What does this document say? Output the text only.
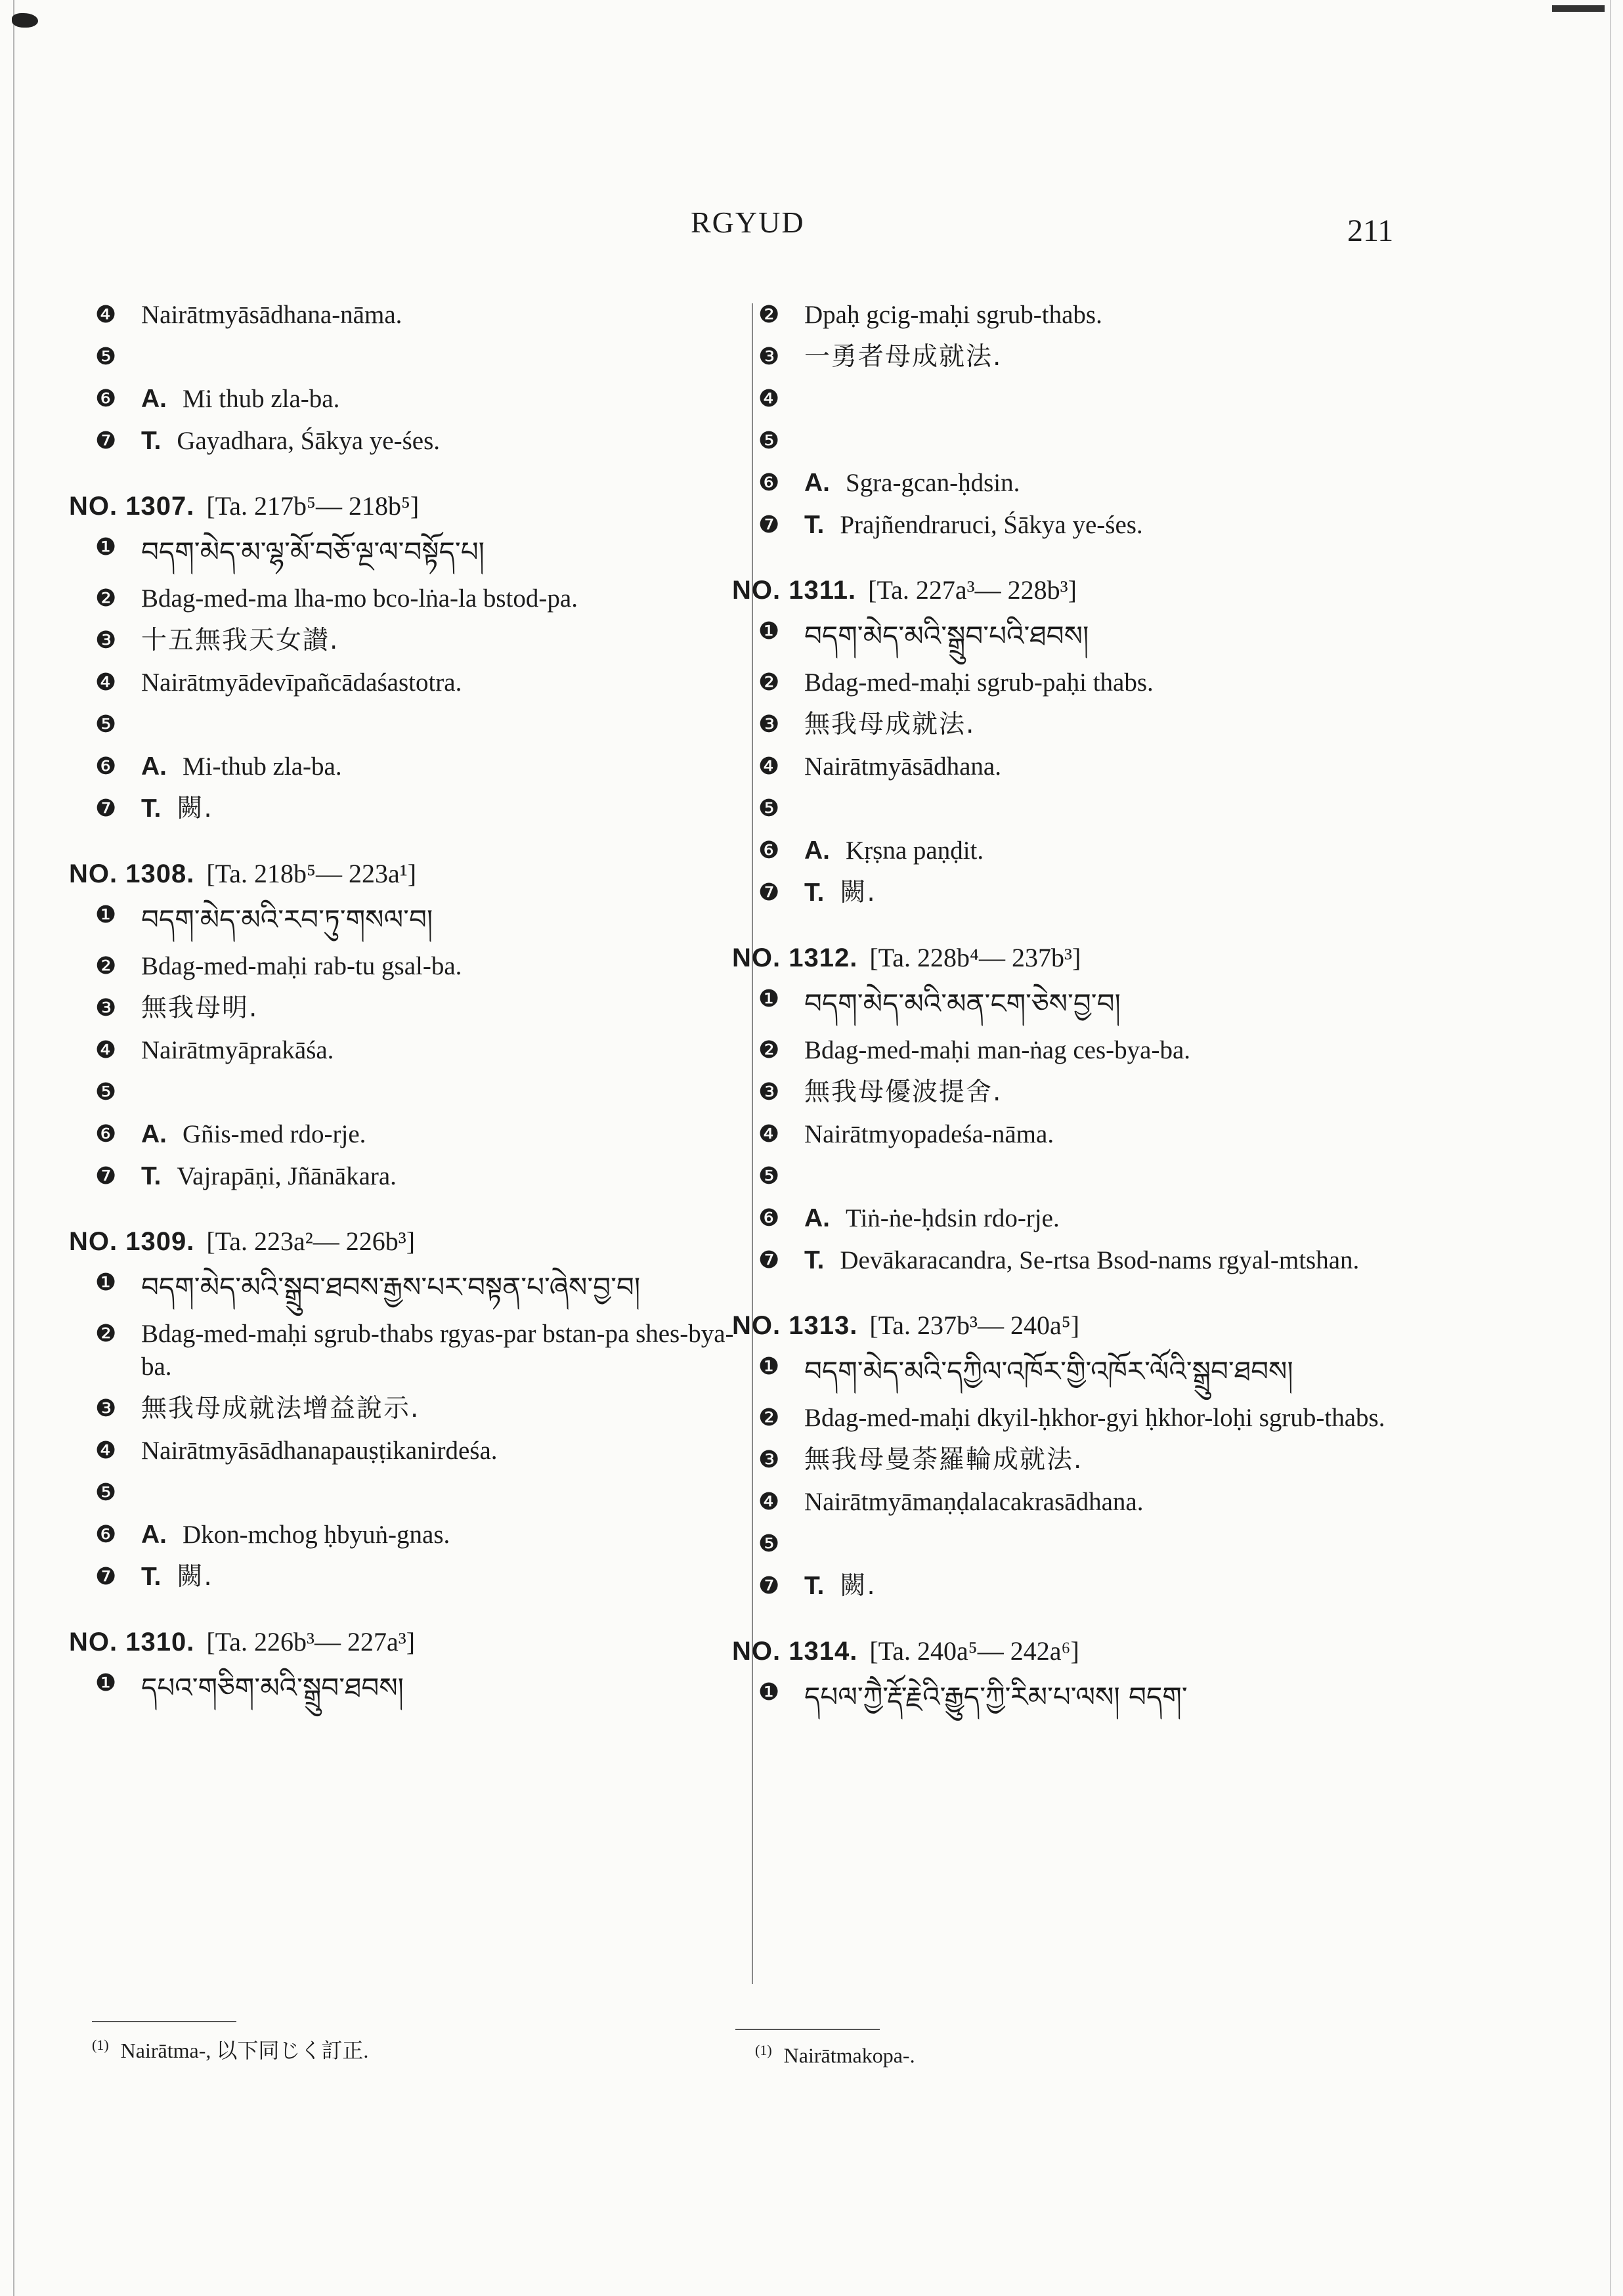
RGYUD	211
❹ Nairātmyāsādhana-nāma.
❺
❻ A. Mi thub zla-ba.
❼ T. Gayadhara, Śākya ye-śes.
NO. 1307. [Ta. 217b⁵— 218b⁵]
❶ བདག་མེད་མ་ལྷ་མོ་བཅོ་ལྔ་ལ་བསྟོད་པ།
❷ Bdag-med-ma lha-mo bco-lṅa-la bstod-pa.
❸ 十五無我天女讃.
❹ Nairātmyādevīpañcādaśastotra.
❺
❻ A. Mi-thub zla-ba.
❼ T. 闕.
NO. 1308. [Ta. 218b⁵— 223a¹]
❶ བདག་མེད་མའི་རབ་ཏུ་གསལ་བ།
❷ Bdag-med-maḥi rab-tu gsal-ba.
❸ 無我母明.
❹ Nairātmyāprakāśa.
❺
❻ A. Gñis-med rdo-rje.
❼ T. Vajrapāṇi, Jñānākara.
NO. 1309. [Ta. 223a²— 226b³]
❶ བདག་མེད་མའི་སྒྲུབ་ཐབས་རྒྱས་པར་བསྟན་པ་ཞེས་བྱ་བ།
❷ Bdag-med-maḥi sgrub-thabs rgyas-par bstan-pa shes-bya-ba.
❸ 無我母成就法增益說示.
❹ Nairātmyāsādhanapauṣṭikanirdeśa.
❺
❻ A. Dkon-mchog ḥbyuṅ-gnas.
❼ T. 闕.
NO. 1310. [Ta. 226b³— 227a³]
❶ དཔའ་གཅིག་མའི་སྒྲུབ་ཐབས།
❷ Dpaḥ gcig-maḥi sgrub-thabs.
❸ 一勇者母成就法.
❹
❺
❻ A. Sgra-gcan-ḥdsin.
❼ T. Prajñendraruci, Śākya ye-śes.
NO. 1311. [Ta. 227a³— 228b³]
❶ བདག་མེད་མའི་སྒྲུབ་པའི་ཐབས།
❷ Bdag-med-maḥi sgrub-paḥi thabs.
❸ 無我母成就法.
❹ Nairātmyāsādhana.
❺
❻ A. Kṛṣna paṇḍit.
❼ T. 闕.
NO. 1312. [Ta. 228b⁴— 237b³]
❶ བདག་མེད་མའི་མན་ངག་ཅེས་བྱ་བ།
❷ Bdag-med-maḥi man-ṅag ces-bya-ba.
❸ 無我母優波提舍.
❹ Nairātmyopadeśa-nāma.
❺
❻ A. Tiṅ-ṅe-ḥdsin rdo-rje.
❼ T. Devākaracandra, Se-rtsa Bsod-nams rgyal-mtshan.
NO. 1313. [Ta. 237b³— 240a⁵]
❶ བདག་མེད་མའི་དཀྱིལ་འཁོར་གྱི་འཁོར་ལོའི་སྒྲུབ་ཐབས།
❷ Bdag-med-maḥi dkyil-ḥkhor-gyi ḥkhor-loḥi sgrub-thabs.
❸ 無我母曼荼羅輪成就法.
❹ Nairātmyāmaṇḍalacakrasādhana.
❺
❼ T. 闕.
NO. 1314. [Ta. 240a⁵— 242a⁶]
❶ དཔལ་ཀྱཻ་རྡོ་རྗེའི་རྒྱུད་ཀྱི་རིམ་པ་ལས། བདག་
$^{(1)}$ Nairātma-, 以下同じく訂正.	$^{(1)}$ Nairātmakopa-.
